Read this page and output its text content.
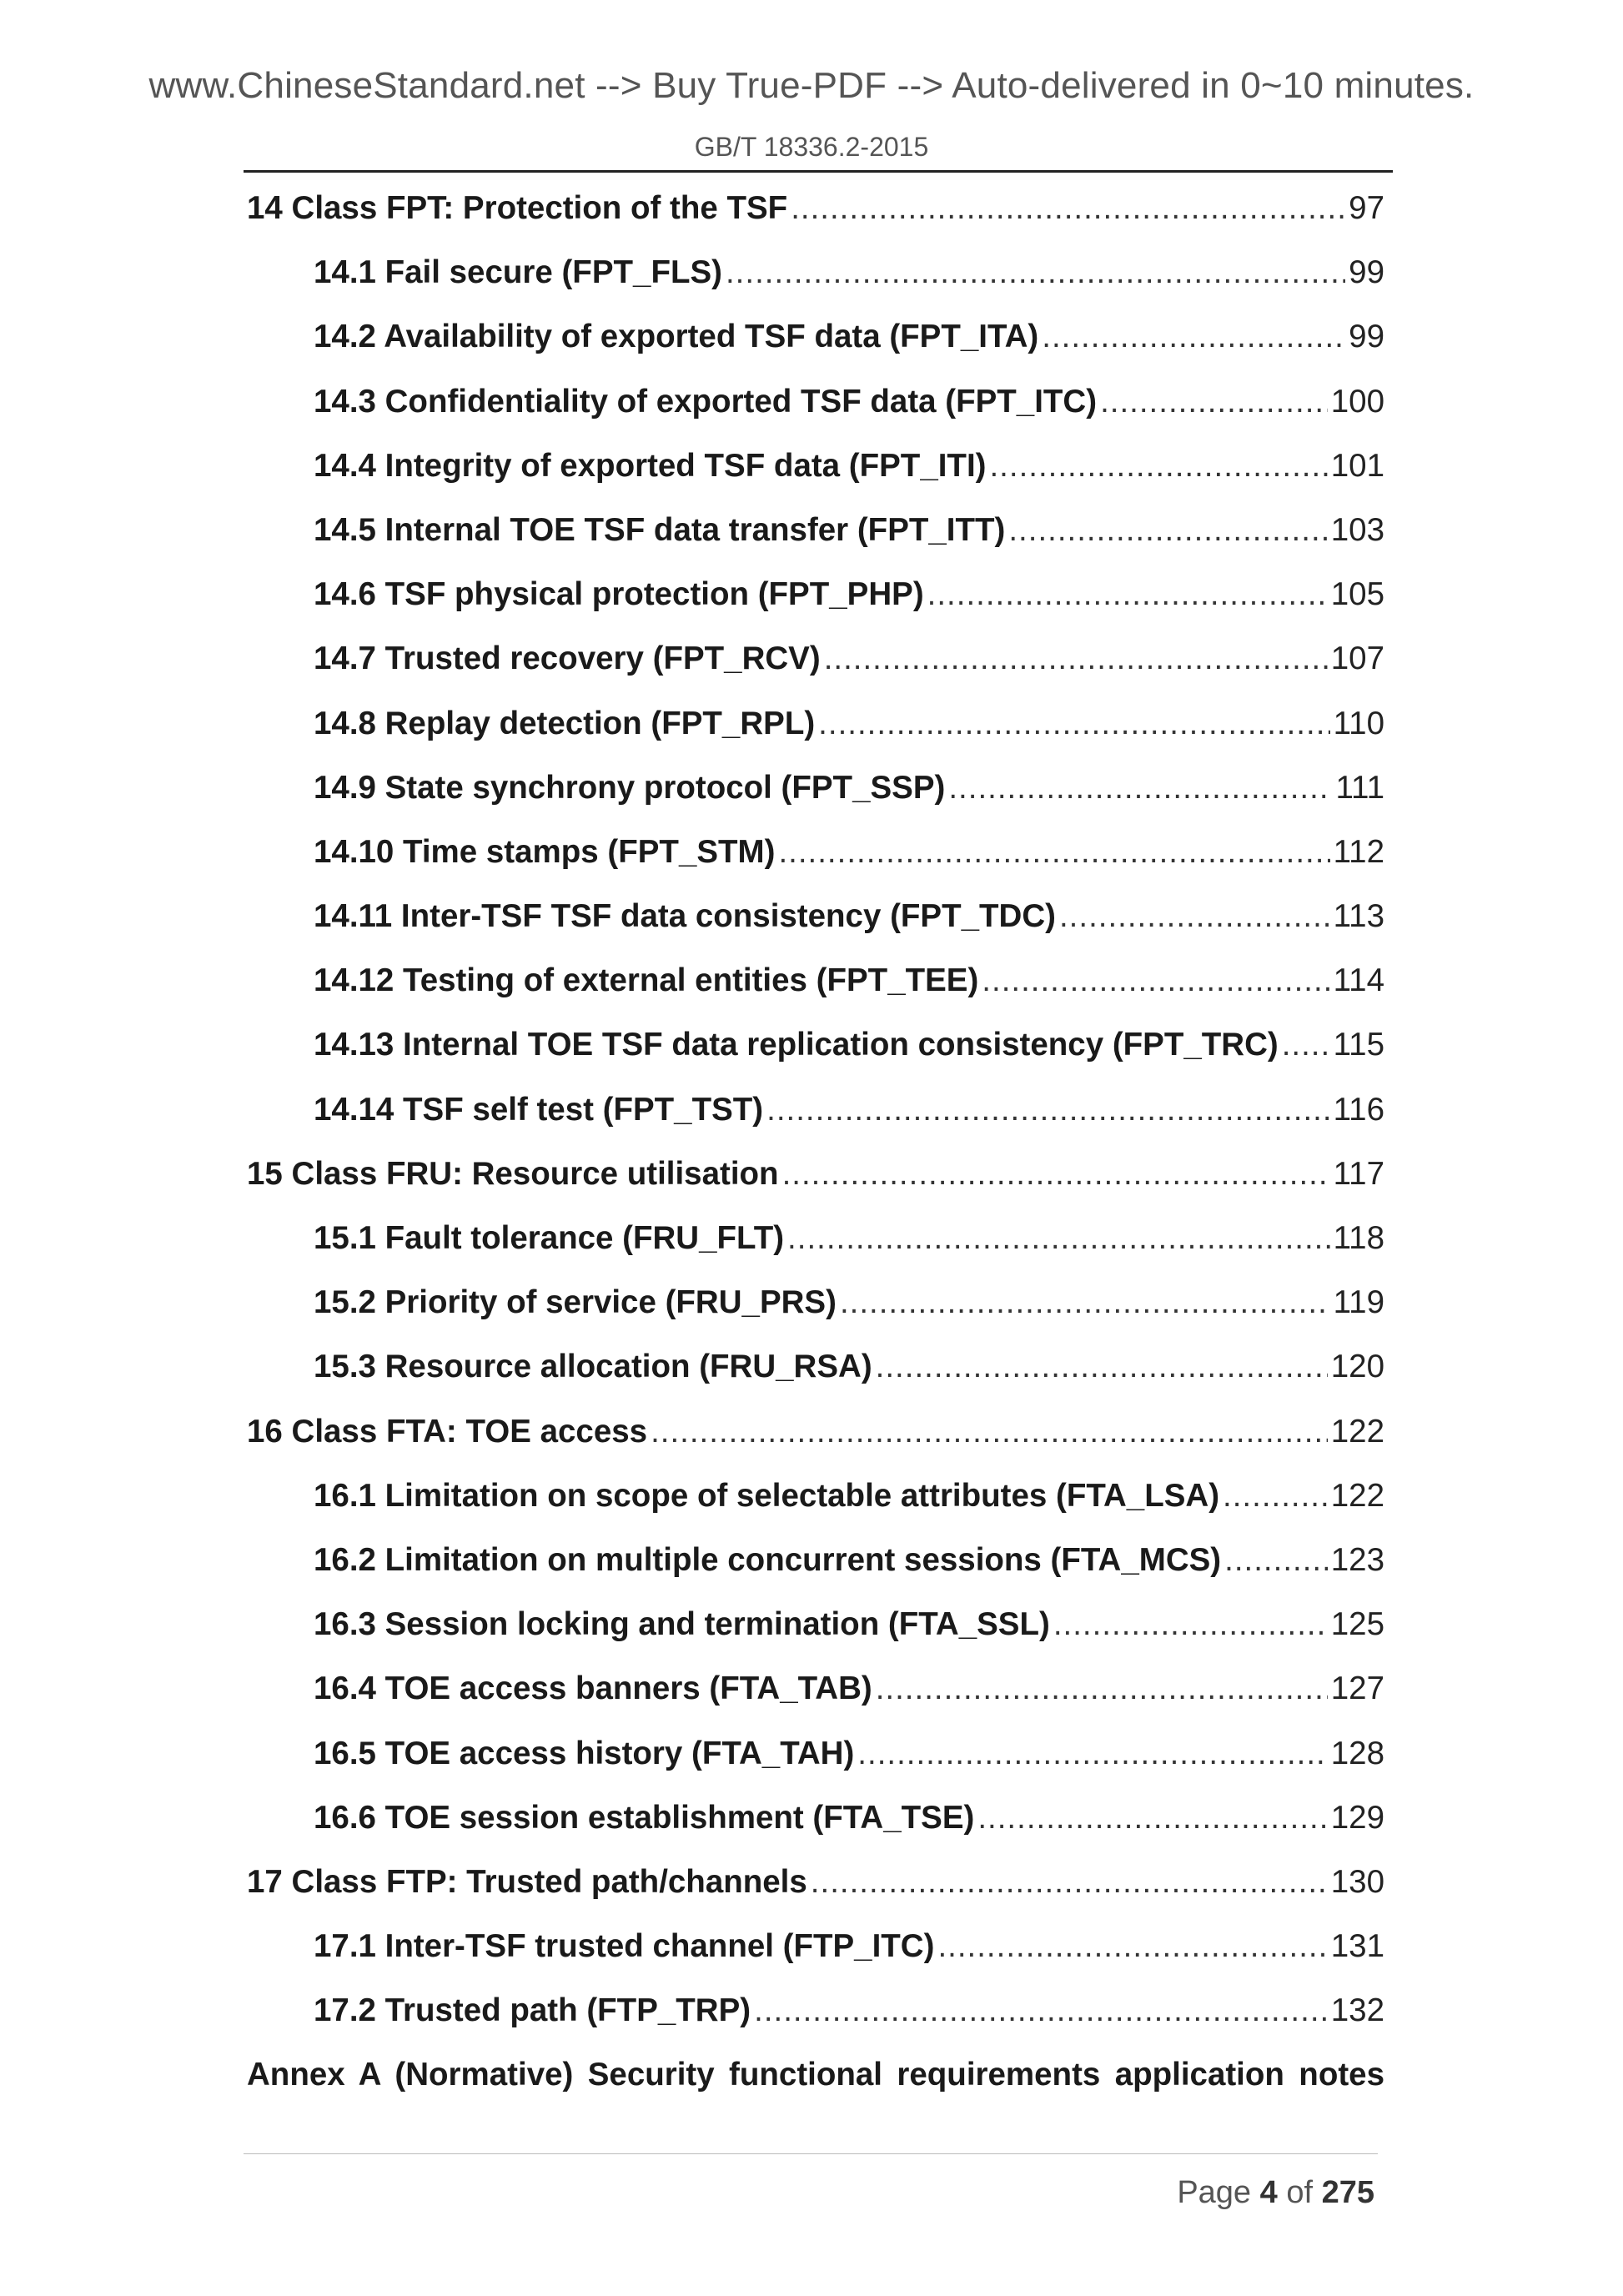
www.ChineseStandard.net --> Buy True-PDF --> Auto-delivered in 0~10 minutes.
GB/T 18336.2-2015
14 Class FPT: Protection of the TSF .....	97
14.1 Fail secure (FPT_FLS) .....	99
14.2 Availability of exported TSF data (FPT_ITA) .....	99
14.3 Confidentiality of exported TSF data (FPT_ITC) .....	100
14.4 Integrity of exported TSF data (FPT_ITI) .....	101
14.5 Internal TOE TSF data transfer (FPT_ITT) .....	103
14.6 TSF physical protection (FPT_PHP) .....	105
14.7 Trusted recovery (FPT_RCV) .....	107
14.8 Replay detection (FPT_RPL) .....	110
14.9 State synchrony protocol (FPT_SSP) .....	111
14.10 Time stamps (FPT_STM) .....	112
14.11 Inter-TSF TSF data consistency (FPT_TDC) .....	113
14.12 Testing of external entities (FPT_TEE) .....	114
14.13 Internal TOE TSF data replication consistency (FPT_TRC) ..... 115
14.14 TSF self test (FPT_TST) .....	116
15 Class FRU: Resource utilisation .....	117
15.1 Fault tolerance (FRU_FLT) .....	118
15.2 Priority of service (FRU_PRS) .....	119
15.3 Resource allocation (FRU_RSA) .....	120
16 Class FTA: TOE access .....	122
16.1 Limitation on scope of selectable attributes (FTA_LSA) .....	122
16.2 Limitation on multiple concurrent sessions (FTA_MCS) .....	123
16.3 Session locking and termination (FTA_SSL) .....	125
16.4 TOE access banners (FTA_TAB) .....	127
16.5 TOE access history (FTA_TAH) .....	128
16.6 TOE session establishment (FTA_TSE) .....	129
17 Class FTP: Trusted path/channels .....	130
17.1 Inter-TSF trusted channel (FTP_ITC) .....	131
17.2 Trusted path (FTP_TRP) .....	132
Annex A (Normative) Security functional requirements application notes
Page 4 of 275
